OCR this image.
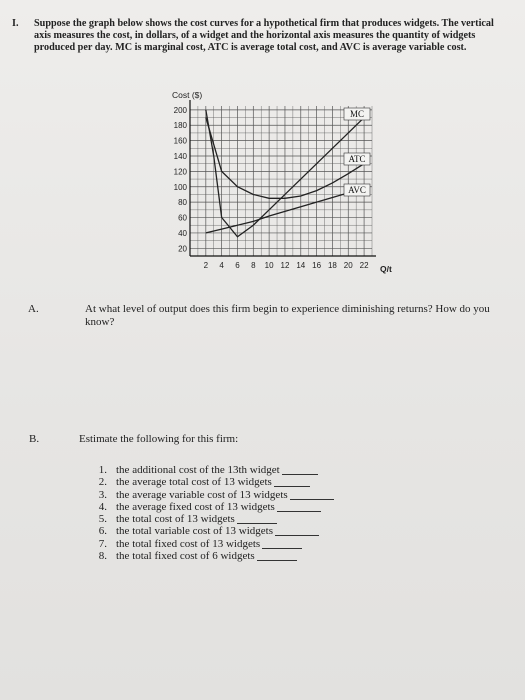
I. Suppose the graph below shows the cost curves for a hypothetical firm that produces widgets. The vertical axis measures the cost, in dollars, of a widget and the horizontal axis measures the quantity of widgets produced per day. MC is marginal cost, ATC is average total cost, and AVC is average variable cost.
Cost ($)
Q/t
20
40
60
80
100
120
140
160
180
200
2 4 6 8 10 12 14 16 18 20 22
MC
ATC
AVC
A.	At what level of output does this firm begin to experience diminishing returns? How do you know?
B.	Estimate the following for this firm:
1. the additional cost of the 13th widget
2. the average total cost of 13 widgets
3. the average variable cost of 13 widgets
4. the average fixed cost of 13 widgets
5. the total cost of 13 widgets
6. the total variable cost of 13 widgets
7. the total fixed cost of 13 widgets
8. the total fixed cost of 6 widgets
